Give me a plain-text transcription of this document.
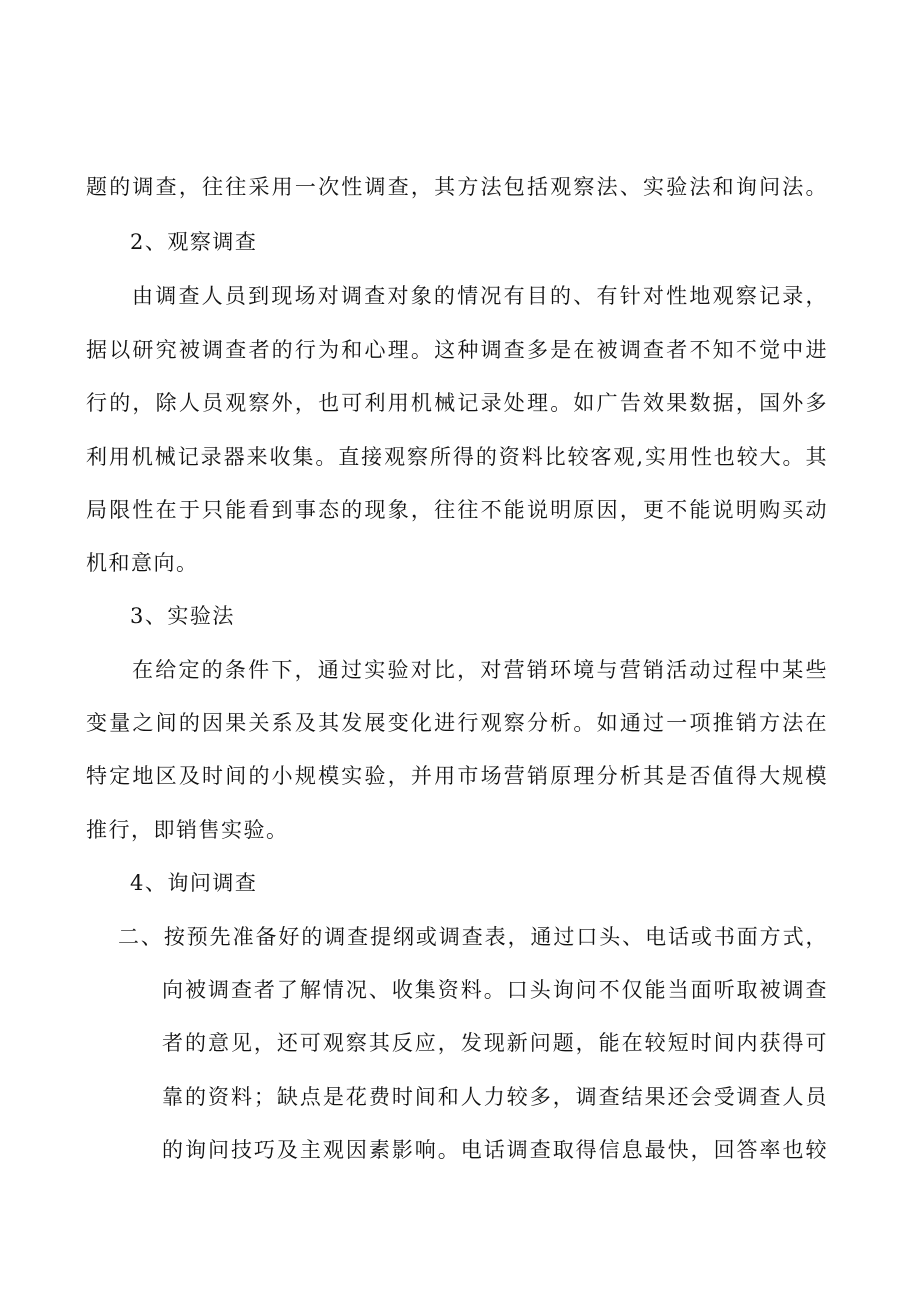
题的调查，往往采用一次性调查，其方法包括观察法、实验法和询问法。
2、观察调查
由调查人员到现场对调查对象的情况有目的、有针对性地观察记录，
据以研究被调查者的行为和心理。这种调查多是在被调查者不知不觉中进
行的，除人员观察外，也可利用机械记录处理。如广告效果数据，国外多
利用机械记录器来收集。直接观察所得的资料比较客观,实用性也较大。其
局限性在于只能看到事态的现象，往往不能说明原因，更不能说明购买动
机和意向。
3、实验法
在给定的条件下，通过实验对比，对营销环境与营销活动过程中某些
变量之间的因果关系及其发展变化进行观察分析。如通过一项推销方法在
特定地区及时间的小规模实验，并用市场营销原理分析其是否值得大规模
推行，即销售实验。
4、询问调查
二、按预先准备好的调查提纲或调查表，通过口头、电话或书面方式，
向被调查者了解情况、收集资料。口头询问不仅能当面听取被调查
者的意见，还可观察其反应，发现新问题，能在较短时间内获得可
靠的资料；缺点是花费时间和人力较多，调查结果还会受调查人员
的询问技巧及主观因素影响。电话调查取得信息最快，回答率也较
